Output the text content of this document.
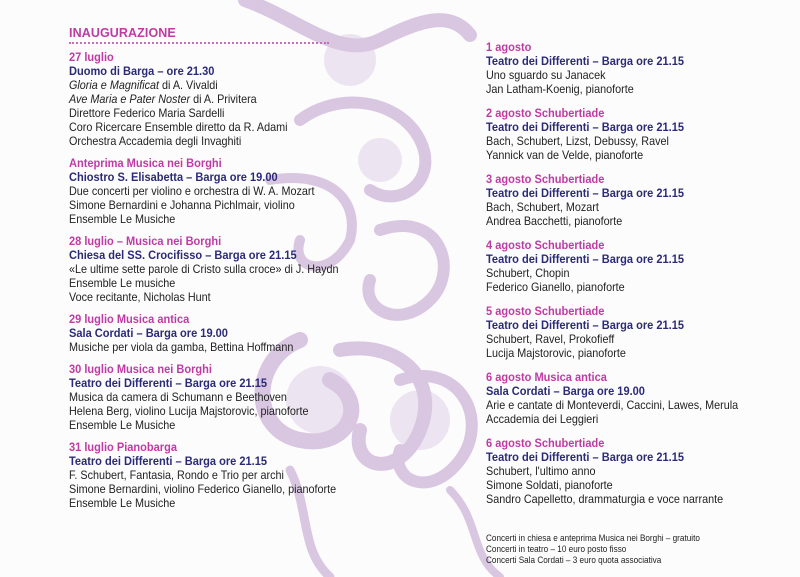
INAUGURAZIONE
27 luglio
Duomo di Barga – ore 21.30
Gloria e Magnificat di A. Vivaldi
Ave Maria e Pater Noster di A. Privitera
Direttore Federico Maria Sardelli
Coro Ricercare Ensemble diretto da R. Adami
Orchestra Accademia degli Invaghiti
Anteprima Musica nei Borghi
Chiostro S. Elisabetta – Barga ore 19.00
Due concerti per violino e orchestra di W. A. Mozart
Simone Bernardini e Johanna Pichlmair, violino
Ensemble Le Musiche
28 luglio – Musica nei Borghi
Chiesa del SS. Crocifisso – Barga ore 21.15
«Le ultime sette parole di Cristo sulla croce» di J. Haydn
Ensemble Le musiche
Voce recitante, Nicholas Hunt
29 luglio Musica antica
Sala Cordati – Barga ore 19.00
Musiche per viola da gamba, Bettina Hoffmann
30 luglio Musica nei Borghi
Teatro dei Differenti – Barga ore 21.15
Musica da camera di Schumann e Beethoven
Helena Berg, violino Lucija Majstorovic, pianoforte
Ensemble Le Musiche
31 luglio Pianobarga
Teatro dei Differenti – Barga ore 21.15
F. Schubert, Fantasia, Rondo e Trio per archi
Simone Bernardini, violino Federico Gianello, pianoforte
Ensemble Le Musiche
1 agosto
Teatro dei Differenti – Barga ore 21.15
Uno sguardo su Janacek
Jan Latham-Koenig, pianoforte
2 agosto Schubertiade
Teatro dei Differenti – Barga ore 21.15
Bach, Schubert, Lizst, Debussy, Ravel
Yannick van de Velde, pianoforte
3 agosto Schubertiade
Teatro dei Differenti – Barga ore 21.15
Bach, Schubert, Mozart
Andrea Bacchetti, pianoforte
4 agosto Schubertiade
Teatro dei Differenti – Barga ore 21.15
Schubert, Chopin
Federico Gianello, pianoforte
5 agosto Schubertiade
Teatro dei Differenti – Barga ore 21.15
Schubert, Ravel, Prokofieff
Lucija Majstorovic, pianoforte
6 agosto Musica antica
Sala Cordati – Barga ore 19.00
Arie e cantate di Monteverdi, Caccini, Lawes, Merula
Accademia dei Leggieri
6 agosto Schubertiade
Teatro dei Differenti – Barga ore 21.15
Schubert, l'ultimo anno
Simone Soldati, pianoforte
Sandro Capelletto, drammaturgia e voce narrante
Concerti in chiesa e anteprima Musica nei Borghi – gratuito
Concerti in teatro – 10 euro posto fisso
Concerti Sala Cordati – 3 euro quota associativa
